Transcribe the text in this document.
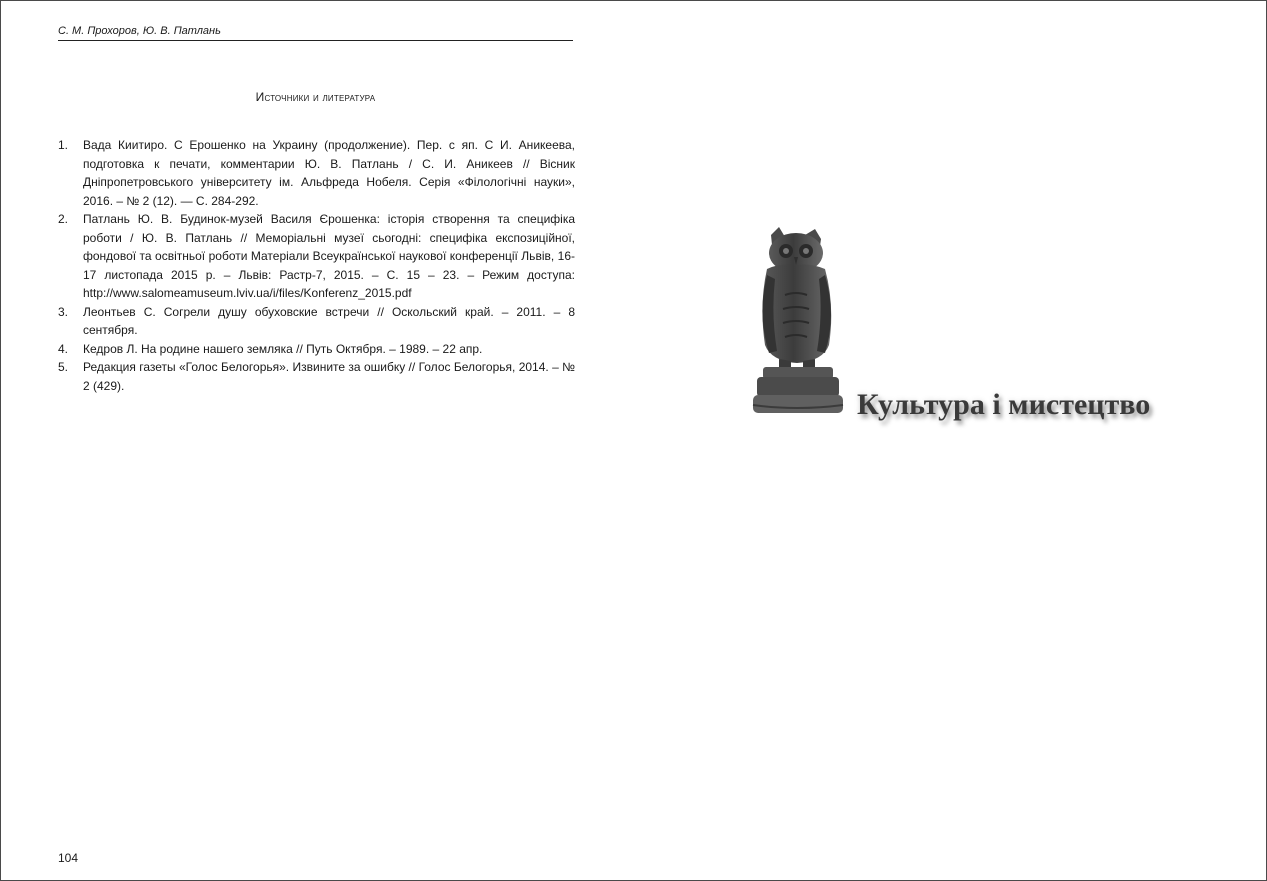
С. М. Прохоров, Ю. В. Патлань
Источники и литература
1. Вада Киитиро. С Ерошенко на Украину (продолжение). Пер. с яп. С И. Аникеева, подготовка к печати, комментарии Ю. В. Патлань / С. И. Аникеев // Вісник Дніпропетровського університету ім. Альфреда Нобеля. Серія «Філологічні науки», 2016. – № 2 (12). — С. 284-292.
2. Патлань Ю. В. Будинок-музей Василя Єрошенка: історія створення та специфіка роботи / Ю. В. Патлань // Меморіальні музеї сьогодні: специфіка експозиційної, фондової та освітньої роботи Матеріали Всеукраїнської наукової конференції Львів, 16-17 листопада 2015 р. – Львів: Растр-7, 2015. – С. 15 – 23. – Режим доступа: http://www.salomeamuseum.lviv.ua/i/files/Konferenz_2015.pdf
3. Леонтьев С. Согрели душу обуховские встречи // Оскольский край. – 2011. – 8 сентября.
4. Кедров Л. На родине нашего земляка // Путь Октября. – 1989. – 22 апр.
5. Редакция газеты «Голос Белогорья». Извините за ошибку // Голос Белогорья, 2014. – № 2 (429).
104
Культура і мистецтво
